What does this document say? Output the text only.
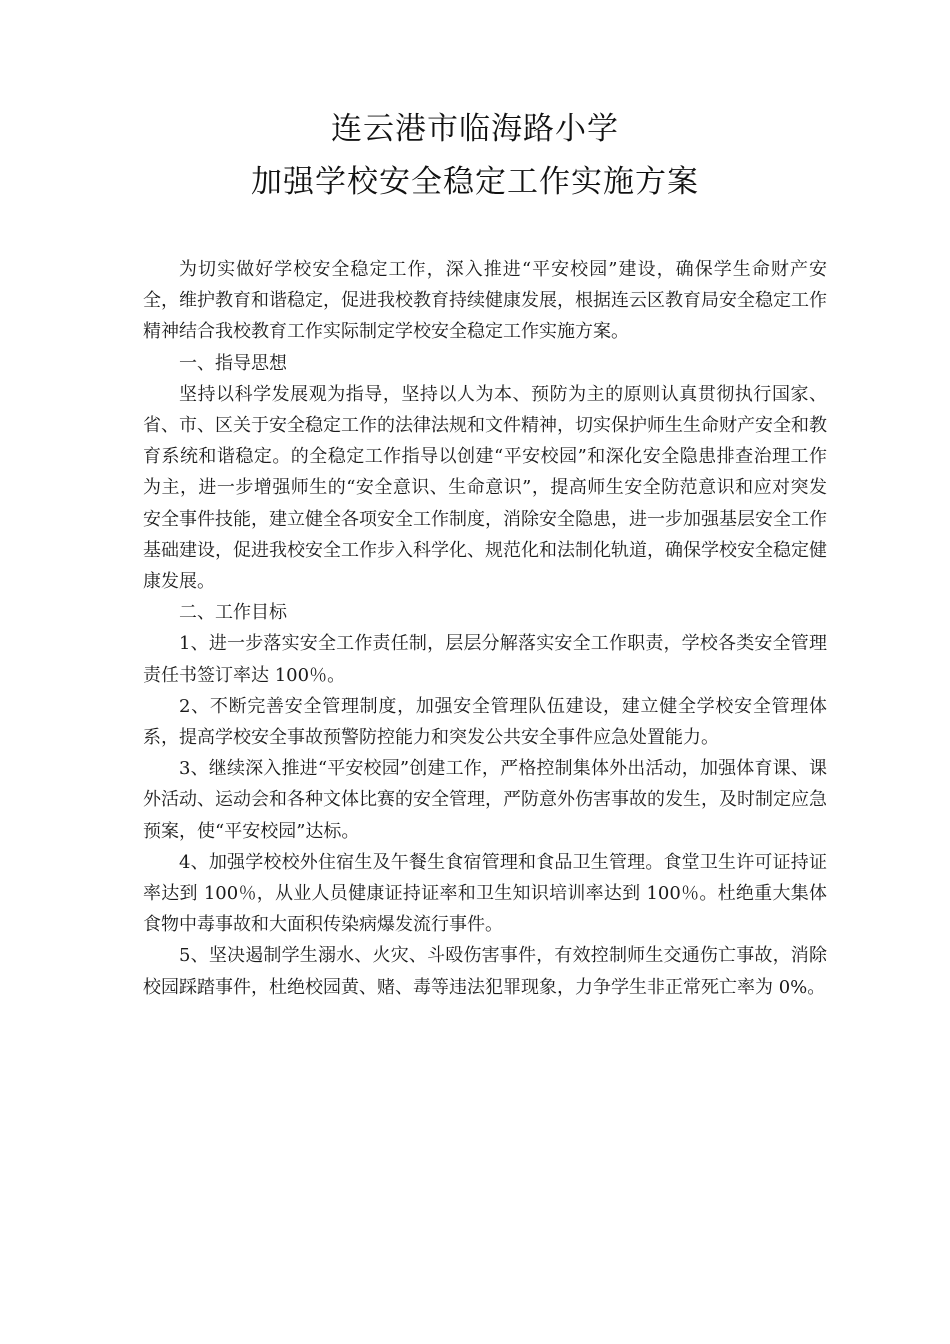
连云港市临海路小学
加强学校安全稳定工作实施方案

为切实做好学校安全稳定工作，深入推进“平安校园”建设，确保学生命财产安全，维护教育和谐稳定，促进我校教育持续健康发展，根据连云区教育局安全稳定工作精神结合我校教育工作实际制定学校安全稳定工作实施方案。

一、指导思想

坚持以科学发展观为指导，坚持以人为本、预防为主的原则认真贯彻执行国家、省、市、区关于安全稳定工作的法律法规和文件精神，切实保护师生生命财产安全和教育系统和谐稳定。的全稳定工作指导以创建“平安校园”和深化安全隐患排查治理工作为主，进一步增强师生的“安全意识、生命意识”，提高师生安全防范意识和应对突发安全事件技能，建立健全各项安全工作制度，消除安全隐患，进一步加强基层安全工作基础建设，促进我校安全工作步入科学化、规范化和法制化轨道，确保学校安全稳定健康发展。

二、工作目标

1、进一步落实安全工作责任制，层层分解落实安全工作职责，学校各类安全管理责任书签订率达 100％。

2、不断完善安全管理制度，加强安全管理队伍建设，建立健全学校安全管理体系，提高学校安全事故预警防控能力和突发公共安全事件应急处置能力。

3、继续深入推进“平安校园”创建工作，严格控制集体外出活动，加强体育课、课外活动、运动会和各种文体比赛的安全管理，严防意外伤害事故的发生，及时制定应急预案，使“平安校园”达标。

4、加强学校校外住宿生及午餐生食宿管理和食品卫生管理。食堂卫生许可证持证率达到 100％，从业人员健康证持证率和卫生知识培训率达到 100％。杜绝重大集体食物中毒事故和大面积传染病爆发流行事件。

5、坚决遏制学生溺水、火灾、斗殴伤害事件，有效控制师生交通伤亡事故，消除校园踩踏事件，杜绝校园黄、赌、毒等违法犯罪现象，力争学生非正常死亡率为 0%。
